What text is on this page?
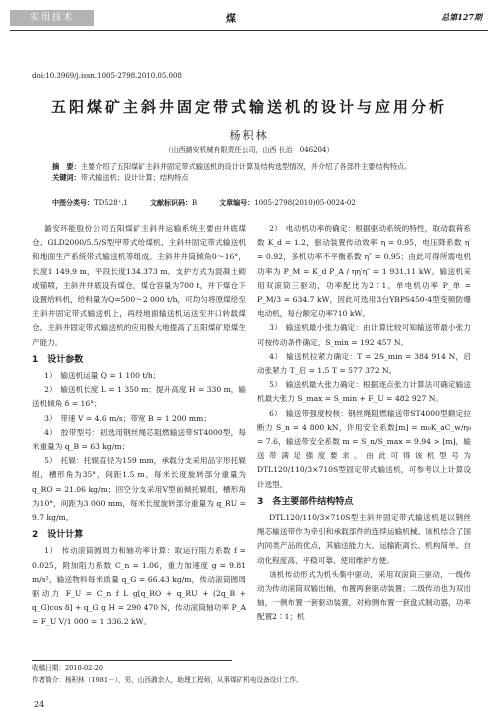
实用技术	煤	总第127期
doi:10.3969/j.issn.1005-2798.2010.05.008
五阳煤矿主斜井固定带式输送机的设计与应用分析
杨积林
（山西潞安机械有限责任公司，山西 长治　046204）
摘　要：主要介绍了五阳煤矿主斜井固定带式输送机的设计计算及结构选型情况，并介绍了各部件主要结构特点。
关键词：带式输送机；设计计算；结构特点
中图分类号：TD528⁺.1	文献标识码：B	文章编号：1005-2798(2010)05-0024-02

潞安环能股份公司五阳煤矿主斜井运输系统主要由井底煤仓、GLD2000/5.5/S型甲带式给煤机、主斜井固定带式输送机和地面生产系统带式输送机等组成。主斜井井筒倾角0～16°，长度1 149.9 m，平段长度134.373 m。支护方式为混凝土砌或锚喷，主斜井井底设有煤仓，煤仓容量为700 t，井下煤仓下设置给料机，给料量为Q=500～2 000 t/h，可均匀将原煤给至主斜井固定带式输送机上，再经地面输送机运送至井口转载煤仓。主斜井固定带式输送机的应用极大地提高了五阳煤矿原煤生产能力。

1　设计参数

1）　输送机运量 Q = 1 100 t/h；

2）　输送机长度 L = 1 350 m；提升高度 H = 330 m，输送机倾角 δ = 16°；

3）　带速 V = 4.6 m/s；带宽 B = 1 200 mm；

4）　胶带型号：初选用钢丝绳芯阻燃输送带ST4000型，每米重量为 q_B = 63 kg/m；

5）　托辊：托辊直径为159 mm，承载分支采用品字形托辊组，槽形角为35°，间距1.5 m，每米长度旋转部分重量为 q_RO = 21.06 kg/m；回空分支采用V型前倾托辊组，槽形角为10°，间距为3 000 mm，每米长度旋转部分重量为 q_RU = 9.7 kg/m。

2　设计计算

1）　传动滚筒圆周力和轴功率计算：取运行阻力系数 f = 0.025，附加阻力系数 C_n = 1.06，重力加速度 g = 9.81 m/s²，输送物料每米质量 q_G = 66.43 kg/m，传动滚筒圆周驱动力 F_U = C_n f L g[q_RO + q_RU + (2q_B + q_G)cos δ] + q_G g H = 290 470 N，传动滚筒轴功率 P_A = F_U V/1 000 = 1 336.2 kW。

2）　电动机功率的确定：根据驱动系统的特性，取动载荷系数 K_d = 1.2，驱动装置传动效率 η = 0.95，电压降系数 η′ = 0.92，多机功率不平衡系数 η″ = 0.95；由此可得所需电机功率为 P_M = K_d P_A / ηη′η″ = 1 931.11 kW。输送机采用双滚筒三驱动，功率配比为2∶1。单电机功率 P_单 = P_M/3 = 634.7 kW，因此可选用3台YBPS450-4型变频防爆电动机，每台额定功率710 kW。

3）　输送机最小张力确定：由计算比较可知输送带最小张力可按传动条件确定，S_min = 192 457 N。

4）　输送机拉紧力确定：T = 2S_min = 384 914 N，启动张紧力 T_启 = 1.5 T = 577 372 N。

5）　输送机最大张力确定：根据逐点张力计算法可确定输送机最大张力 S_max = S_min + F_U = 482 927 N。

6）　输送带强度校核：钢丝绳阻燃输送带ST4000型额定拉断力 S_n = 4 800 kN，许用安全系数[m] = m₀K_aC_w/η₀ = 7.6，输送带安全系数 m = S_n/S_max = 9.94 > [m]，输送带满足强度要求。由此可得该机型号为DTL120/110/3×710S型固定带式输送机，可参考以上计算设计选型。

3　各主要部件结构特点

DTL120/110/3×710S型主斜井固定带式输送机是以钢丝绳芯输送带作为牵引和承载部件的连续运输机械。该机结合了国内同类产品的优点，其输送能力大、运输距离长、机构简单、自动化程度高、平稳可靠、使用维护方便。

该机传动形式为机头集中驱动，采用双滚筒三驱动，一级传动为传动滚筒双输出轴，布置两套驱动装置；二级传动也为双出轴，一侧布置一套驱动装置，对称侧布置一套盘式制动器，功率配置2∶1；机

收稿日期：2010-02-20
作者简介：杨积林（1981－），男，山西潞余人，助理工程师，从事煤矿机电设备设计工作。
24
